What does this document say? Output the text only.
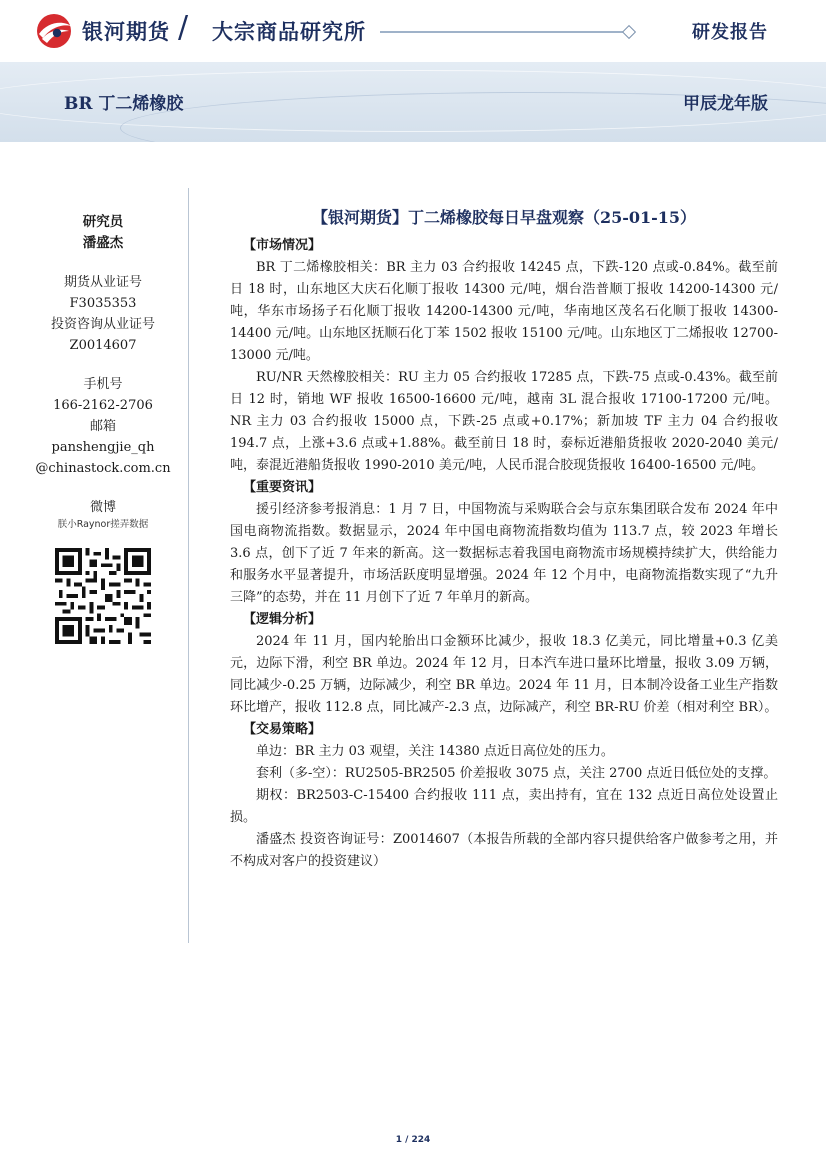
银河期货 / 大宗商品研究所	研发报告
BR 丁二烯橡胶	甲辰龙年版
研究员
潘盛杰
期货从业证号
F3035353
投资咨询从业证号
Z0014607
手机号
166-2162-2706
邮箱
panshengjie_qh
@chinastock.com.cn
微博
朕小Raynor搓弄数据
【银河期货】丁二烯橡胶每日早盘观察（25-01-15）
【市场情况】

BR 丁二烯橡胶相关：BR 主力 03 合约报收 14245 点，下跌-120 点或-0.84%。截至前日 18 时，山东地区大庆石化顺丁报收 14300 元/吨，烟台浩普顺丁报收 14200-14300 元/吨，华东市场扬子石化顺丁报收 14200-14300 元/吨，华南地区茂名石化顺丁报收 14300-14400 元/吨。山东地区抚顺石化丁苯 1502 报收 15100 元/吨。山东地区丁二烯报收 12700-13000 元/吨。

RU/NR 天然橡胶相关：RU 主力 05 合约报收 17285 点，下跌-75 点或-0.43%。截至前日 12 时，销地 WF 报收 16500-16600 元/吨，越南 3L 混合报收 17100-17200 元/吨。NR 主力 03 合约报收 15000 点，下跌-25 点或+0.17%；新加坡 TF 主力 04 合约报收 194.7 点，上涨+3.6 点或+1.88%。截至前日 18 时，泰标近港船货报收 2020-2040 美元/吨，泰混近港船货报收 1990-2010 美元/吨，人民币混合胶现货报收 16400-16500 元/吨。

【重要资讯】

援引经济参考报消息：1 月 7 日，中国物流与采购联合会与京东集团联合发布 2024 年中国电商物流指数。数据显示，2024 年中国电商物流指数均值为 113.7 点，较 2023 年增长 3.6 点，创下了近 7 年来的新高。这一数据标志着我国电商物流市场规模持续扩大，供给能力和服务水平显著提升，市场活跃度明显增强。2024 年 12 个月中，电商物流指数实现了“九升三降”的态势，并在 11 月创下了近 7 年单月的新高。

【逻辑分析】

2024 年 11 月，国内轮胎出口金额环比减少，报收 18.3 亿美元，同比增量+0.3 亿美元，边际下滑，利空 BR 单边。2024 年 12 月，日本汽车进口量环比增量，报收 3.09 万辆，同比减少-0.25 万辆，边际减少，利空 BR 单边。2024 年 11 月，日本制冷设备工业生产指数环比增产，报收 112.8 点，同比减产-2.3 点，边际减产，利空 BR-RU 价差（相对利空 BR）。

【交易策略】

单边：BR 主力 03 观望，关注 14380 点近日高位处的压力。

套利（多-空）：RU2505-BR2505 价差报收 3075 点，关注 2700 点近日低位处的支撑。

期权：BR2503-C-15400 合约报收 111 点，卖出持有，宜在 132 点近日高位处设置止损。

潘盛杰 投资咨询证号：Z0014607（本报告所载的全部内容只提供给客户做参考之用，并不构成对客户的投资建议）

1 / 224
